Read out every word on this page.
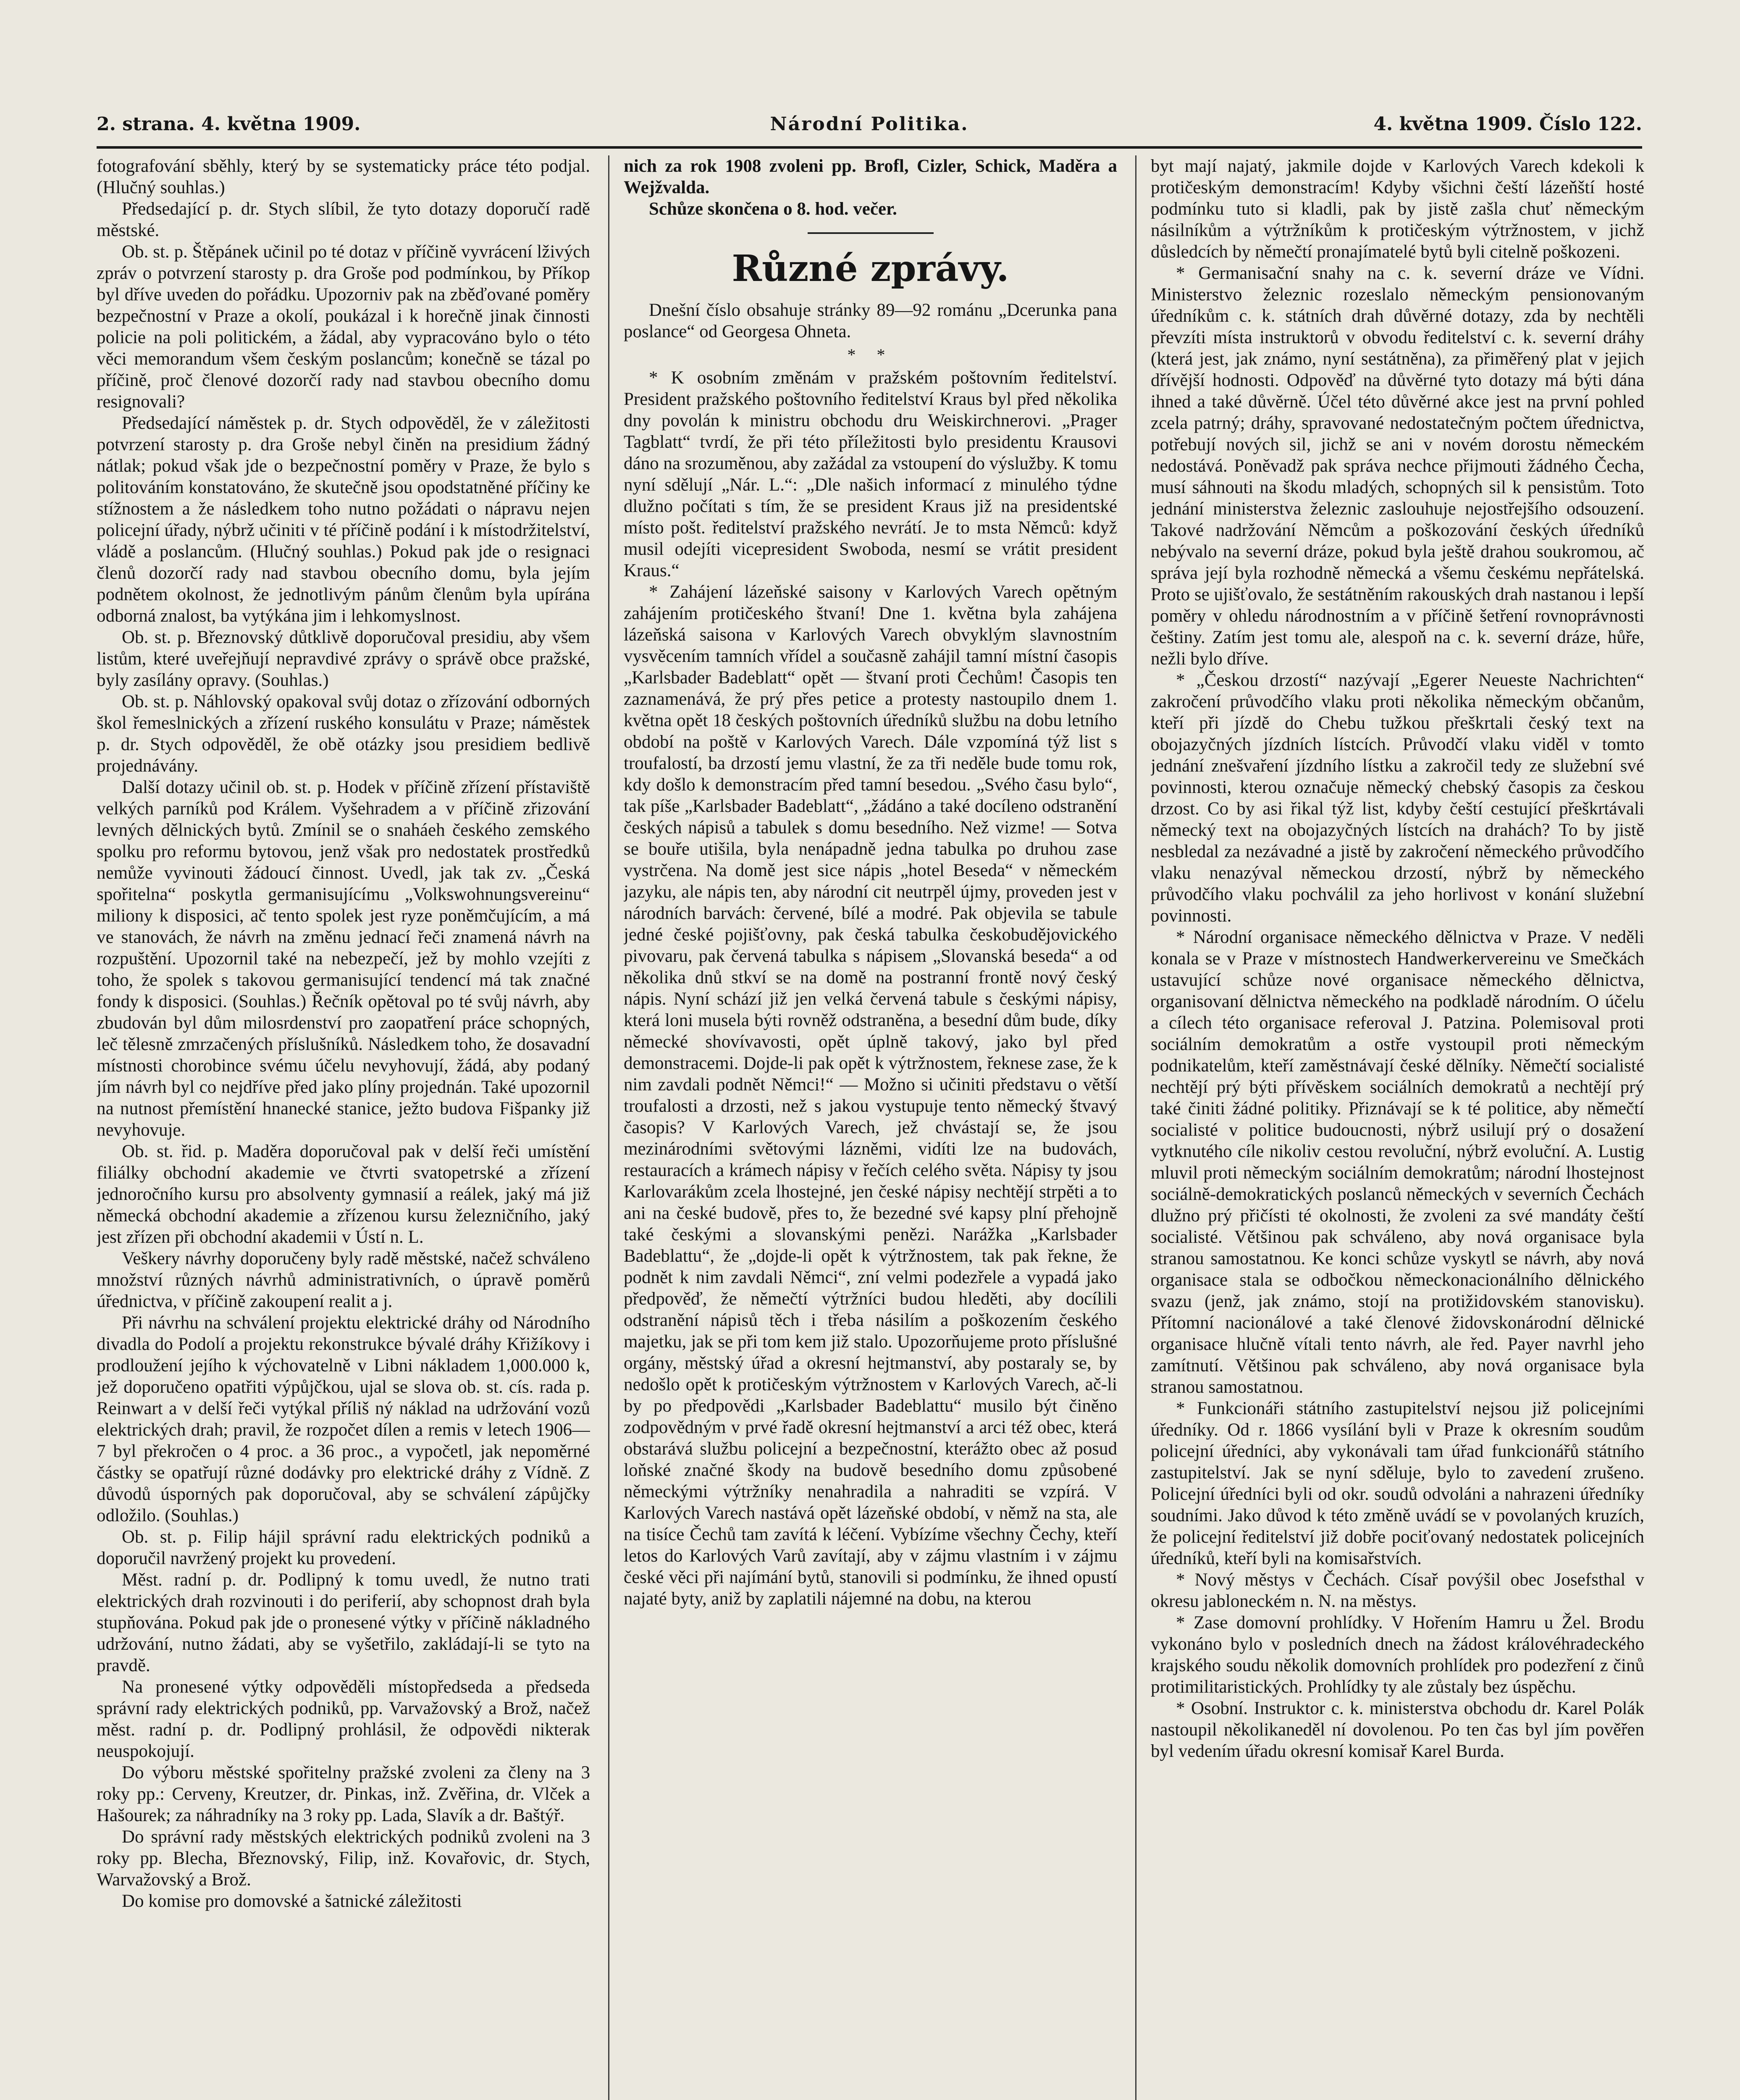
2. strana. 4. května 1909.	Národní Politika.	4. května 1909. Číslo 122.

fotografování sběhly, který by se systematicky práce této podjal. (Hlučný souhlas.)

Předsedající p. dr. Stych slíbil, že tyto dotazy doporučí radě městské.

Ob. st. p. Štěpánek učinil po té dotaz v příčině vyvrácení lživých zpráv o potvrzení starosty p. dra Groše pod podmínkou, by Příkop byl dříve uveden do pořádku. Upozorniv pak na zběďované poměry bezpečnostní v Praze a okolí, poukázal i k horečně jinak činnosti policie na poli politickém, a žádal, aby vypracováno bylo o této věci memorandum všem českým poslancům; konečně se tázal po příčině, proč členové dozorčí rady nad stavbou obecního domu resignovali?

Předsedající náměstek p. dr. Stych odpověděl, že v záležitosti potvrzení starosty p. dra Groše nebyl činěn na presidium žádný nátlak; pokud však jde o bezpečnostní poměry v Praze, že bylo s politováním konstatováno, že skutečně jsou opodstatněné příčiny ke stížnostem a že následkem toho nutno požádati o nápravu nejen policejní úřady, nýbrž učiniti v té příčině podání i k místodržitelství, vládě a poslancům. (Hlučný souhlas.) Pokud pak jde o resignaci členů dozorčí rady nad stavbou obecního domu, byla jejím podnětem okolnost, že jednotlivým pánům členům byla upírána odborná znalost, ba vytýkána jim i lehkomyslnost.

Ob. st. p. Březnovský důtklivě doporučoval presidiu, aby všem listům, které uveřejňují nepravdivé zprávy o správě obce pražské, byly zasílány opravy. (Souhlas.)

Ob. st. p. Náhlovský opakoval svůj dotaz o zřízování odborných škol řemeslnických a zřízení ruského konsulátu v Praze; náměstek p. dr. Stych odpověděl, že obě otázky jsou presidiem bedlivě projednávány.

Další dotazy učinil ob. st. p. Hodek v příčině zřízení přístaviště velkých parníků pod Králem. Vyšehradem a v příčině zřizování levných dělnických bytů. Zmínil se o snaháeh českého zemského spolku pro reformu bytovou, jenž však pro nedostatek prostředků nemůže vyvinouti žádoucí činnost. Uvedl, jak tak zv. „Česká spořitelna“ poskytla germanisujícímu „Volkswohnungsvereinu“ miliony k disposici, ač tento spolek jest ryze poněmčujícím, a má ve stanovách, že návrh na změnu jednací řeči znamená návrh na rozpuštění. Upozornil také na nebezpečí, jež by mohlo vzejíti z toho, že spolek s takovou germanisující tendencí má tak značné fondy k disposici. (Souhlas.) Řečník opětoval po té svůj návrh, aby zbudován byl dům milosrdenství pro zaopatření práce schopných, leč tělesně zmrzačených příslušníků. Následkem toho, že dosavadní místnosti chorobince svému účelu nevyhovují, žádá, aby podaný jím návrh byl co nejdříve před jako plíny projednán. Také upozornil na nutnost přemístění hnanecké stanice, ježto budova Fišpanky již nevyhovuje.

Ob. st. řid. p. Maděra doporučoval pak v delší řeči umístění filiálky obchodní akademie ve čtvrti svatopetrské a zřízení jednoročního kursu pro absolventy gymnasií a reálek, jaký má již německá obchodní akademie a zřízenou kursu železničního, jaký jest zřízen při obchodní akademii v Ústí n. L.

Veškery návrhy doporučeny byly radě městské, načež schváleno množství různých návrhů administrativních, o úpravě poměrů úřednictva, v příčině zakoupení realit a j.

Při návrhu na schválení projektu elektrické dráhy od Národního divadla do Podolí a projektu rekonstrukce bývalé dráhy Křižíkovy i prodloužení jejího k výchovatelně v Libni nákladem 1,000.000 k, jež doporučeno opatřiti výpůjčkou, ujal se slova ob. st. cís. rada p. Reinwart a v delší řeči vytýkal příliš ný náklad na udržování vozů elektrických drah; pravil, že rozpočet dílen a remis v letech 1906—7 byl překročen o 4 proc. a 36 proc., a vypočetl, jak nepoměrné částky se opatřují různé dodávky pro elektrické dráhy z Vídně. Z důvodů úsporných pak doporučoval, aby se schválení zápůjčky odložilo. (Souhlas.)

Ob. st. p. Filip hájil správní radu elektrických podniků a doporučil navržený projekt ku provedení.

Měst. radní p. dr. Podlipný k tomu uvedl, že nutno trati elektrických drah rozvinouti i do periferií, aby schopnost drah byla stupňována. Pokud pak jde o pronesené výtky v příčině nákladného udržování, nutno žádati, aby se vyšetřilo, zakládají-li se tyto na pravdě.

Na pronesené výtky odpověděli místopředseda a předseda správní rady elektrických podniků, pp. Varvažovský a Brož, načež měst. radní p. dr. Podlipný prohlásil, že odpovědi nikterak neuspokojují.

Do výboru městské spořitelny pražské zvoleni za členy na 3 roky pp.: Cerveny, Kreutzer, dr. Pinkas, inž. Zvěřina, dr. Vlček a Hašourek; za náhradníky na 3 roky pp. Lada, Slavík a dr. Baštýř.

Do správní rady městských elektrických podniků zvoleni na 3 roky pp. Blecha, Březnovský, Filip, inž. Kovařovic, dr. Stych, Warvažovský a Brož.

Do komise pro domovské a šatnické záležitosti

nich za rok 1908 zvoleni pp. Brofl, Cizler, Schick, Maděra a Wejžvalda.

Schůze skončena o 8. hod. večer.

Různé zprávy.

Dnešní číslo obsahuje stránky 89—92 románu „Dcerunka pana poslance“ od Georgesa Ohneta.

* *

* K osobním změnám v pražském poštovním ředitelství. President pražského poštovního ředitelství Kraus byl před několika dny povolán k ministru obchodu dru Weiskirchnerovi. „Prager Tagblatt“ tvrdí, že při této příležitosti bylo presidentu Krausovi dáno na srozuměnou, aby zažádal za vstoupení do výslužby. K tomu nyní sdělují „Nár. L.“: „Dle našich informací z minulého týdne dlužno počítati s tím, že se president Kraus již na presidentské místo pošt. ředitelství pražského nevrátí. Je to msta Němců: když musil odejíti vicepresident Swoboda, nesmí se vrátit president Kraus.“

* Zahájení lázeňské saisony v Karlových Varech opětným zahájením protičeského štvaní! Dne 1. května byla zahájena lázeňská saisona v Karlových Varech obvyklým slavnostním vysvěcením tamních vřídel a současně zahájil tamní místní časopis „Karlsbader Badeblatt“ opět — štvaní proti Čechům! Časopis ten zaznamenává, že prý přes petice a protesty nastoupilo dnem 1. května opět 18 českých poštovních úředníků službu na dobu letního období na poště v Karlových Varech. Dále vzpomíná týž list s troufalostí, ba drzostí jemu vlastní, že za tři neděle bude tomu rok, kdy došlo k demonstracím před tamní besedou. „Svého času bylo“, tak píše „Karlsbader Badeblatt“, „žádáno a také docíleno odstranění českých nápisů a tabulek s domu besedního. Než vizme! — Sotva se bouře utišila, byla nenápadně jedna tabulka po druhou zase vystrčena. Na domě jest sice nápis „hotel Beseda“ v německém jazyku, ale nápis ten, aby národní cit neutrpěl újmy, proveden jest v národních barvách: červené, bílé a modré. Pak objevila se tabule jedné české pojišťovny, pak česká tabulka českobudějovického pivovaru, pak červená tabulka s nápisem „Slovanská beseda“ a od několika dnů stkví se na domě na postranní frontě nový český nápis. Nyní schází již jen velká červená tabule s českými nápisy, která loni musela býti rovněž odstraněna, a besední dům bude, díky německé shovívavosti, opět úplně takový, jako byl před demonstracemi. Dojde-li pak opět k výtržnostem, řeknese zase, že k nim zavdali podnět Němci!“ — Možno si učiniti představu o větší troufalosti a drzosti, než s jakou vystupuje tento německý štvavý časopis? V Karlových Varech, jež chvástají se, že jsou mezinárodními světovými lázněmi, vidíti lze na budovách, restauracích a krámech nápisy v řečích celého světa. Nápisy ty jsou Karlovarákům zcela lhostejné, jen české nápisy nechtějí strpěti a to ani na české budově, přes to, že bezedné své kapsy plní přehojně také českými a slovanskými penězi. Narážka „Karlsbader Badeblattu“, že „dojde-li opět k výtržnostem, tak pak řekne, že podnět k nim zavdali Němci“, zní velmi podezřele a vypadá jako předpověď, že němečtí výtržníci budou hleděti, aby docílili odstranění nápisů těch i třeba násilím a poškozením českého majetku, jak se při tom kem již stalo. Upozorňujeme proto příslušné orgány, městský úřad a okresní hejtmanství, aby postaraly se, by nedošlo opět k protičeským výtržnostem v Karlových Varech, ač-li by po předpovědi „Karlsbader Badeblattu“ musilo být činěno zodpovědným v prvé řadě okresní hejtmanství a arci též obec, která obstarává službu policejní a bezpečnostní, kterážto obec až posud loňské značné škody na budově besedního domu způsobené německými výtržníky nenahradila a nahraditi se vzpírá. V Karlových Varech nastává opět lázeňské období, v němž na sta, ale na tisíce Čechů tam zavítá k léčení. Vybízíme všechny Čechy, kteří letos do Karlových Varů zavítají, aby v zájmu vlastním i v zájmu české věci při najímání bytů, stanovili si podmínku, že ihned opustí najaté byty, aniž by zaplatili nájemné na dobu, na kterou

byt mají najatý, jakmile dojde v Karlových Varech kdekoli k protičeským demonstracím! Kdyby všichni čeští lázeňští hosté podmínku tuto si kladli, pak by jistě zašla chuť německým násilníkům a výtržníkům k protičeským výtržnostem, v jichž důsledcích by němečtí pronajímatelé bytů byli citelně poškozeni.

* Germanisační snahy na c. k. severní dráze ve Vídni. Ministerstvo železnic rozeslalo německým pensionovaným úředníkům c. k. státních drah důvěrné dotazy, zda by nechtěli převzíti místa instruktorů v obvodu ředitelství c. k. severní dráhy (která jest, jak známo, nyní sestátněna), za přiměřený plat v jejich dřívější hodnosti. Odpověď na důvěrné tyto dotazy má býti dána ihned a také důvěrně. Účel této důvěrné akce jest na první pohled zcela patrný; dráhy, spravované nedostatečným počtem úřednictva, potřebují nových sil, jichž se ani v novém dorostu německém nedostává. Poněvadž pak správa nechce přijmouti žádného Čecha, musí sáhnouti na škodu mladých, schopných sil k pensistům. Toto jednání ministerstva železnic zaslouhuje nejostřejšího odsouzení. Takové nadržování Němcům a poškozování českých úředníků nebývalo na severní dráze, pokud byla ještě drahou soukromou, ač správa její byla rozhodně německá a všemu českému nepřátelská. Proto se ujišťovalo, že sestátněním rakouských drah nastanou i lepší poměry v ohledu národnostním a v příčině šetření rovnoprávnosti češtiny. Zatím jest tomu ale, alespoň na c. k. severní dráze, hůře, nežli bylo dříve.

* „Českou drzostí“ nazývají „Egerer Neueste Nachrichten“ zakročení průvodčího vlaku proti několika německým občanům, kteří při jízdě do Chebu tužkou přeškrtali český text na obojazyčných jízdních lístcích. Průvodčí vlaku viděl v tomto jednání znešvaření jízdního lístku a zakročil tedy ze služební své povinnosti, kterou označuje německý chebský časopis za českou drzost. Co by asi řikal týž list, kdyby čeští cestující přeškrtávali německý text na obojazyčných lístcích na drahách? To by jistě nesbledal za nezávadné a jistě by zakročení německého průvodčího vlaku nenazýval německou drzostí, nýbrž by německého průvodčího vlaku pochválil za jeho horlivost v konání služební povinnosti.

* Národní organisace německého dělnictva v Praze. V neděli konala se v Praze v místnostech Handwerkervereinu ve Smečkách ustavující schůze nové organisace německého dělnictva, organisovaní dělnictva německého na podkladě národním. O účelu a cílech této organisace referoval J. Patzina. Polemisoval proti sociálním demokratům a ostře vystoupil proti německým podnikatelům, kteří zaměstnávají české dělníky. Němečtí socialisté nechtějí prý býti přívěskem sociálních demokratů a nechtějí prý také činiti žádné politiky. Přiznávají se k té politice, aby němečtí socialisté v politice budoucnosti, nýbrž usilují prý o dosažení vytknutého cíle nikoliv cestou revoluční, nýbrž evoluční. A. Lustig mluvil proti německým sociálním demokratům; národní lhostejnost sociálně-demokratických poslanců německých v severních Čechách dlužno prý přičísti té okolnosti, že zvoleni za své mandáty čeští socialisté. Většinou pak schváleno, aby nová organisace byla stranou samostatnou. Ke konci schůze vyskytl se návrh, aby nová organisace stala se odbočkou německonacionálního dělnického svazu (jenž, jak známo, stojí na protižidovském stanovisku). Přítomní nacionálové a také členové židovskonárodní dělnické organisace hlučně vítali tento návrh, ale řed. Payer navrhl jeho zamítnutí. Většinou pak schváleno, aby nová organisace byla stranou samostatnou.

* Funkcionáři státního zastupitelství nejsou již policejními úředníky. Od r. 1866 vysílání byli v Praze k okresním soudům policejní úředníci, aby vykonávali tam úřad funkcionářů státního zastupitelství. Jak se nyní sděluje, bylo to zavedení zrušeno. Policejní úředníci byli od okr. soudů odvoláni a nahrazeni úředníky soudními. Jako důvod k této změně uvádí se v povolaných kruzích, že policejní ředitelství již dobře pociťovaný nedostatek policejních úředníků, kteří byli na komisařstvích.

* Nový městys v Čechách. Císař povýšil obec Josefsthal v okresu jabloneckém n. N. na městys.

* Zase domovní prohlídky. V Hořením Hamru u Žel. Brodu vykonáno bylo v posledních dnech na žádost královéhradeckého krajského soudu několik domovních prohlídek pro podezření z činů protimilitaristických. Prohlídky ty ale zůstaly bez úspěchu.

* Osobní. Instruktor c. k. ministerstva obchodu dr. Karel Polák nastoupil několikaneděl ní dovolenou. Po ten čas byl jím pověřen byl vedením úřadu okresní komisař Karel Burda.
